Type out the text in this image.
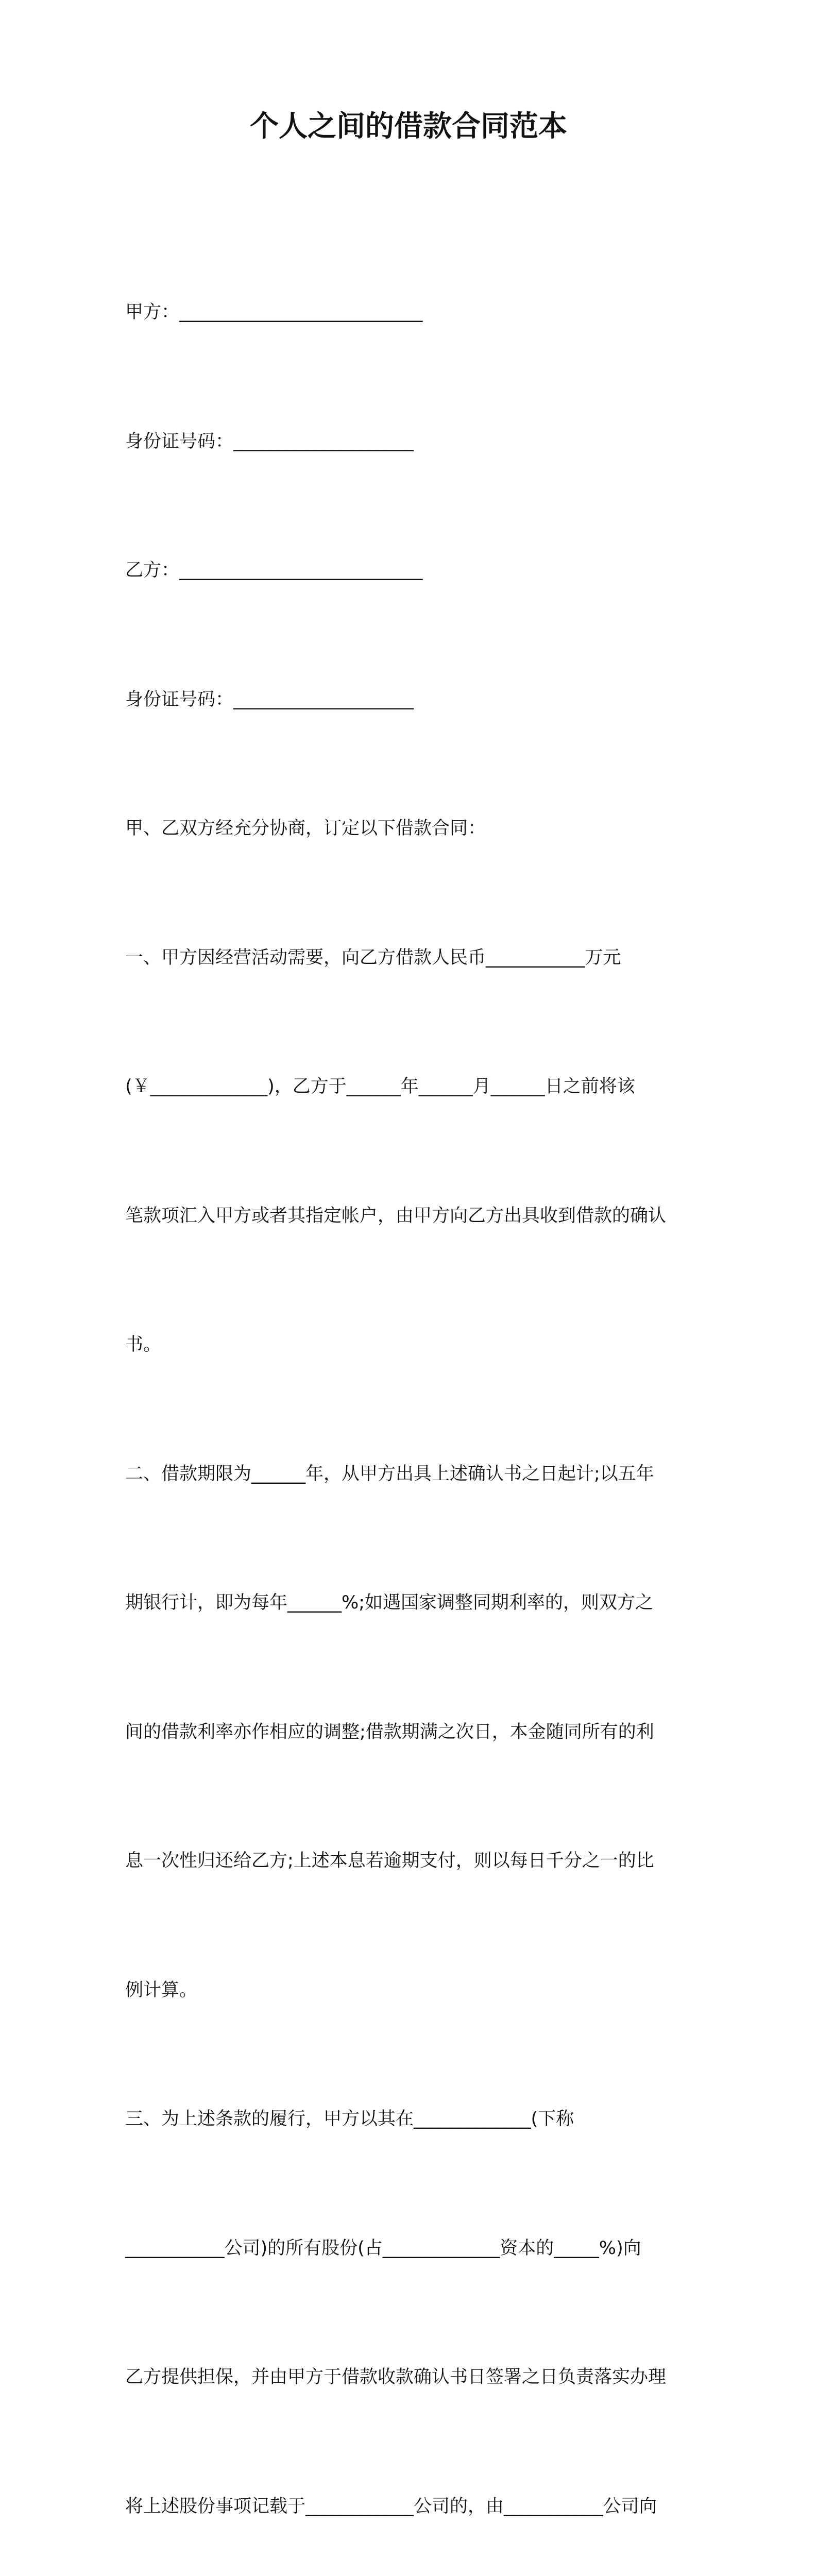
个人之间的借款合同范本

甲方：___________________________

身份证号码：____________________

乙方：___________________________

身份证号码：____________________

甲、乙双方经充分协商，订定以下借款合同：

一、甲方因经营活动需要，向乙方借款人民币___________万元

(￥_____________)，乙方于______年______月______日之前将该

笔款项汇入甲方或者其指定帐户，由甲方向乙方出具收到借款的确认

书。

二、借款期限为______年，从甲方出具上述确认书之日起计;以五年

期银行计，即为每年______%;如遇国家调整同期利率的，则双方之

间的借款利率亦作相应的调整;借款期满之次日，本金随同所有的利

息一次性归还给乙方;上述本息若逾期支付，则以每日千分之一的比

例计算。

三、为上述条款的履行，甲方以其在_____________(下称

___________公司)的所有股份(占_____________资本的_____%)向

乙方提供担保，并由甲方于借款收款确认书日签署之日负责落实办理

将上述股份事项记载于____________公司的，由___________公司向
